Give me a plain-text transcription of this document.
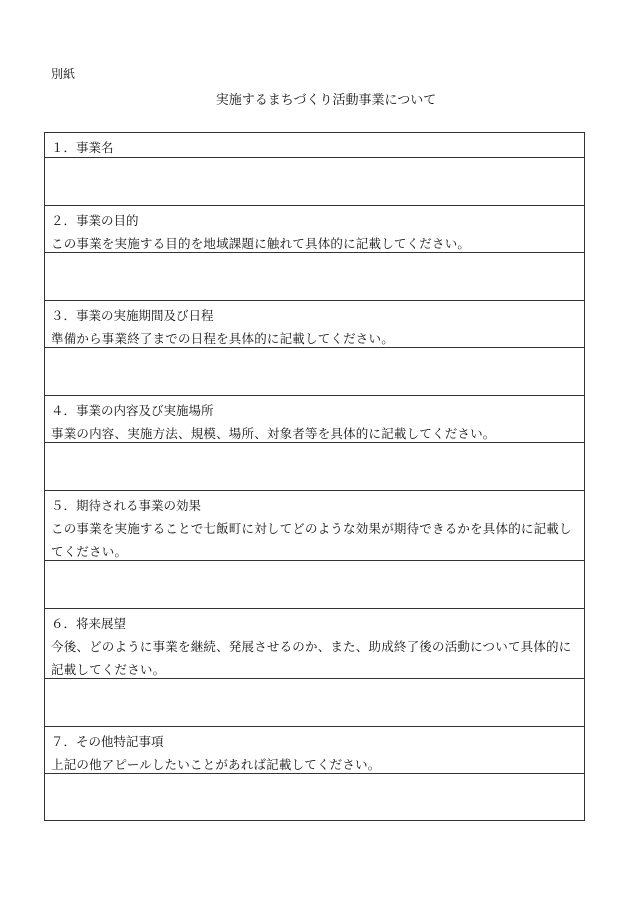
別紙
実施するまちづくり活動事業について
１．事業名
２．事業の目的
この事業を実施する目的を地域課題に触れて具体的に記載してください。
３．事業の実施期間及び日程
準備から事業終了までの日程を具体的に記載してください。
４．事業の内容及び実施場所
事業の内容、実施方法、規模、場所、対象者等を具体的に記載してください。
５．期待される事業の効果
この事業を実施することで七飯町に対してどのような効果が期待できるかを具体的に記載してください。
６．将来展望
今後、どのように事業を継続、発展させるのか、また、助成終了後の活動について具体的に記載してください。
７．その他特記事項
上記の他アピールしたいことがあれば記載してください。
